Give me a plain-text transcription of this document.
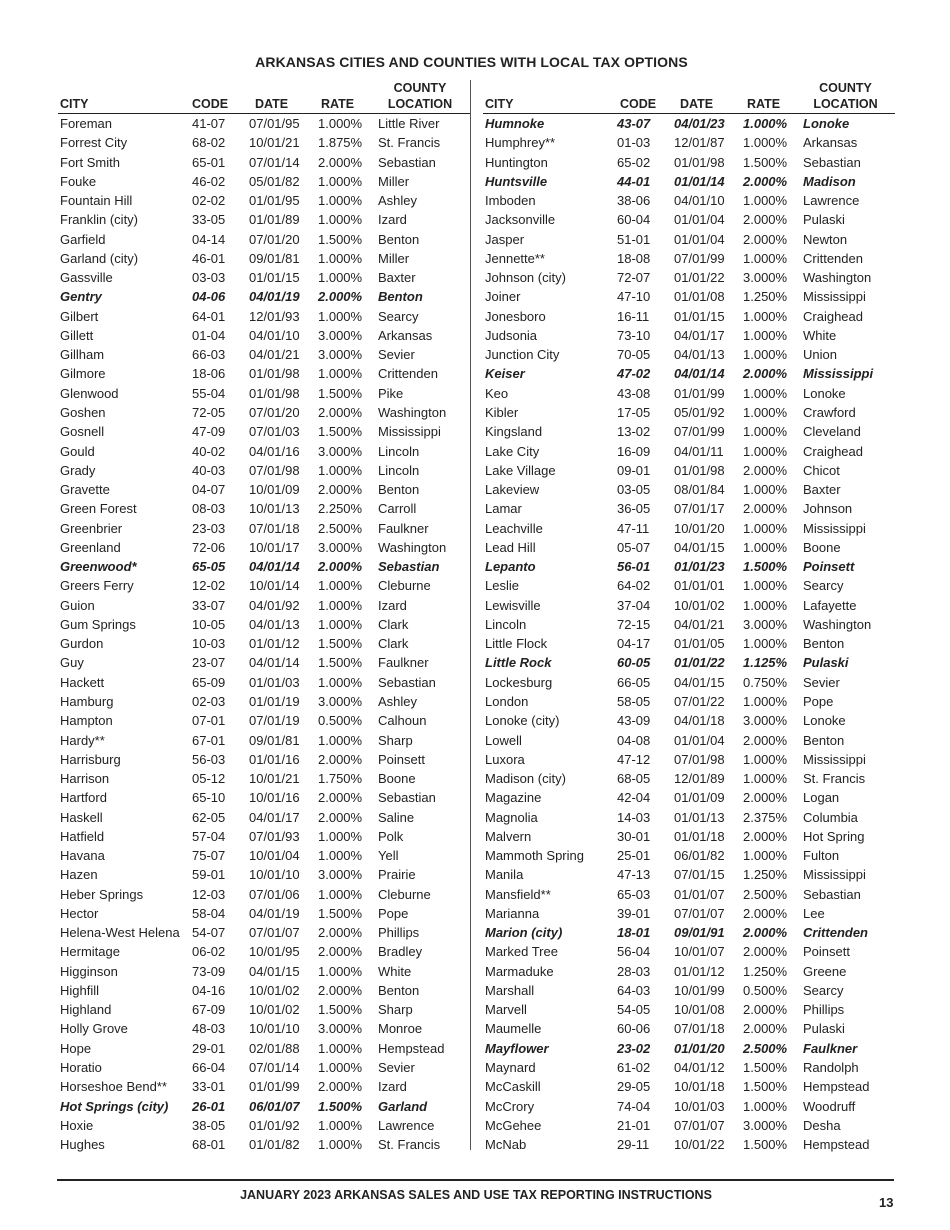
ARKANSAS CITIES AND COUNTIES WITH LOCAL TAX OPTIONS
CITY	CODE DATE	RATE
COUNTY
LOCATION
Foreman	41-07 07/01/95 1.000% Little River
Forrest City	68-02 10/01/21 1.875% St. Francis
Fort Smith	65-01 07/01/14 2.000% Sebastian
Fouke	46-02 05/01/82 1.000% Miller
Fountain Hill	02-02 01/01/95 1.000% Ashley
Franklin (city)	33-05 01/01/89 1.000% Izard
Garfield	04-14 07/01/20 1.500% Benton
Garland (city)	46-01 09/01/81 1.000% Miller
Gassville	03-03 01/01/15 1.000% Baxter
Gentry	04-06 04/01/19 2.000% Benton
Gilbert	64-01 12/01/93 1.000% Searcy
Gillett	01-04 04/01/10 3.000% Arkansas
Gillham	66-03 04/01/21 3.000% Sevier
Gilmore	18-06 01/01/98 1.000% Crittenden
Glenwood	55-04 01/01/98 1.500% Pike
Goshen	72-05 07/01/20 2.000% Washington
Gosnell	47-09 07/01/03 1.500% Mississippi
Gould	40-02 04/01/16 3.000% Lincoln
Grady	40-03 07/01/98 1.000% Lincoln
Gravette	04-07 10/01/09 2.000% Benton
Green Forest	08-03 10/01/13 2.250% Carroll
Greenbrier	23-03 07/01/18 2.500% Faulkner
Greenland	72-06 10/01/17 3.000% Washington
Greenwood*	65-05 04/01/14 2.000% Sebastian
Greers Ferry	12-02 10/01/14 1.000% Cleburne
Guion	33-07 04/01/92 1.000% Izard
Gum Springs	10-05 04/01/13 1.000% Clark
Gurdon	10-03 01/01/12 1.500% Clark
Guy	23-07 04/01/14 1.500% Faulkner
Hackett	65-09 01/01/03 1.000% Sebastian
Hamburg	02-03 01/01/19 3.000% Ashley
Hampton	07-01 07/01/19 0.500% Calhoun
Hardy**	67-01 09/01/81 1.000% Sharp
Harrisburg	56-03 01/01/16 2.000% Poinsett
Harrison	05-12 10/01/21 1.750% Boone
Hartford	65-10 10/01/16 2.000% Sebastian
Haskell	62-05 04/01/17 2.000% Saline
Hatfield	57-04 07/01/93 1.000% Polk
Havana	75-07 10/01/04 1.000% Yell
Hazen	59-01 10/01/10 3.000% Prairie
Heber Springs	12-03 07/01/06 1.000% Cleburne
Hector	58-04 04/01/19 1.500% Pope
Helena-West Helena 54-07 07/01/07 2.000% Phillips
Hermitage	06-02 10/01/95 2.000% Bradley
Higginson	73-09 04/01/15 1.000% White
Highfill	04-16 10/01/02 2.000% Benton
Highland	67-09 10/01/02 1.500% Sharp
Holly Grove	48-03 10/01/10 3.000% Monroe
Hope	29-01 02/01/88 1.000% Hempstead
Horatio	66-04 07/01/14 1.000% Sevier
Horseshoe Bend** 33-01 01/01/99 2.000% Izard
Hot Springs (city) 26-01 06/01/07 1.500% Garland
Hoxie	38-05 01/01/92 1.000% Lawrence
Hughes	68-01 01/01/82 1.000% St. Francis
CITY	CODE DATE	RATE
COUNTY
LOCATION
Humnoke	43-07 04/01/23 1.000% Lonoke
Humphrey**	01-03 12/01/87 1.000% Arkansas
Huntington	65-02 01/01/98 1.500% Sebastian
Huntsville	44-01 01/01/14 2.000% Madison
Imboden	38-06 04/01/10 1.000% Lawrence
Jacksonville	60-04 01/01/04 2.000% Pulaski
Jasper	51-01 01/01/04 2.000% Newton
Jennette**	18-08 07/01/99 1.000% Crittenden
Johnson (city)	72-07 01/01/22 3.000% Washington
Joiner	47-10 01/01/08 1.250% Mississippi
Jonesboro	16-11 01/01/15 1.000% Craighead
Judsonia	73-10 04/01/17 1.000% White
Junction City	70-05 04/01/13 1.000% Union
Keiser	47-02 04/01/14 2.000% Mississippi
Keo	43-08 01/01/99 1.000% Lonoke
Kibler	17-05 05/01/92 1.000% Crawford
Kingsland	13-02 07/01/99 1.000% Cleveland
Lake City	16-09 04/01/11 1.000% Craighead
Lake Village	09-01 01/01/98 2.000% Chicot
Lakeview	03-05 08/01/84 1.000% Baxter
Lamar	36-05 07/01/17 2.000% Johnson
Leachville	47-11 10/01/20 1.000% Mississippi
Lead Hill	05-07 04/01/15 1.000% Boone
Lepanto	56-01 01/01/23 1.500% Poinsett
Leslie	64-02 01/01/01 1.000% Searcy
Lewisville	37-04 10/01/02 1.000% Lafayette
Lincoln	72-15 04/01/21 3.000% Washington
Little Flock	04-17 01/01/05 1.000% Benton
Little Rock	60-05 01/01/22 1.125% Pulaski
Lockesburg	66-05 04/01/15 0.750% Sevier
London	58-05 07/01/22 1.000% Pope
Lonoke (city)	43-09 04/01/18 3.000% Lonoke
Lowell	04-08 01/01/04 2.000% Benton
Luxora	47-12 07/01/98 1.000% Mississippi
Madison (city)	68-05 12/01/89 1.000% St. Francis
Magazine	42-04 01/01/09 2.000% Logan
Magnolia	14-03 01/01/13 2.375% Columbia
Malvern	30-01 01/01/18 2.000% Hot Spring
Mammoth Spring	25-01 06/01/82 1.000% Fulton
Manila	47-13 07/01/15 1.250% Mississippi
Mansfield**	65-03 01/01/07 2.500% Sebastian
Marianna	39-01 07/01/07 2.000% Lee
Marion (city)	18-01 09/01/91 2.000% Crittenden
Marked Tree	56-04 10/01/07 2.000% Poinsett
Marmaduke	28-03 01/01/12 1.250% Greene
Marshall	64-03 10/01/99 0.500% Searcy
Marvell	54-05 10/01/08 2.000% Phillips
Maumelle	60-06 07/01/18 2.000% Pulaski
Mayflower	23-02 01/01/20 2.500% Faulkner
Maynard	61-02 04/01/12 1.500% Randolph
McCaskill	29-05 10/01/18 1.500% Hempstead
McCrory	74-04 10/01/03 1.000% Woodruff
McGehee	21-01 07/01/07 3.000% Desha
McNab	29-11 10/01/22 1.500% Hempstead
JANUARY 2023 ARKANSAS SALES AND USE TAX REPORTING INSTRUCTIONS	13
